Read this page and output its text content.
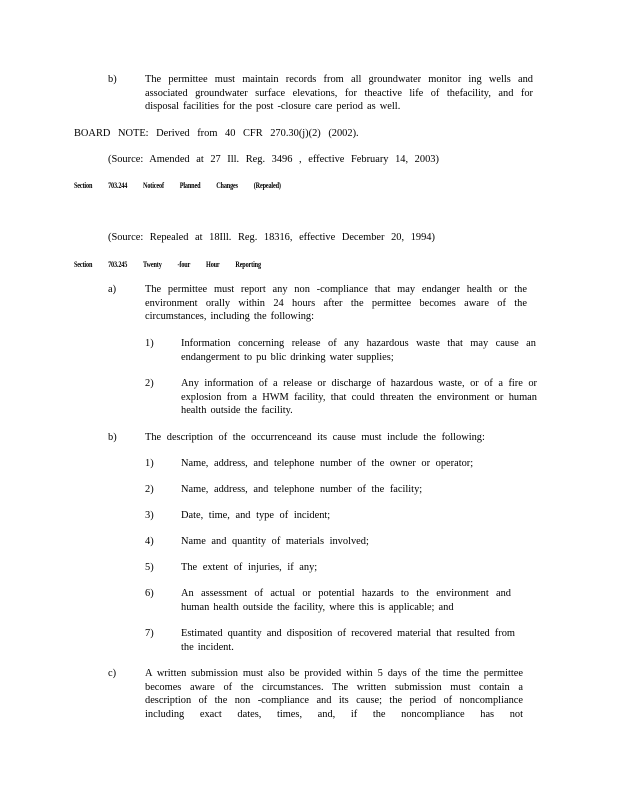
b)	The permittee must maintain records from all groundwater monitor ing wells and associated groundwater surface elevations, for theactive life of thefacility, and for disposal facilities for the post -closure care period as well.
BOARD NOTE: Derived from 40 CFR 270.30(j)(2) (2002).
(Source: Amended at 27 Ill. Reg. 3496 , effective February 14, 2003)
Section 703.244 Noticeof Planned Changes (Repealed)
(Source: Repealed at 18Ill. Reg. 18316, effective December 20, 1994)
Section 703.245 Twenty -four Hour Reporting
a)	The permittee must report any non -compliance that may endanger health or the environment orally within 24 hours after the permittee becomes aware of the circumstances, including the following:
1)	Information concerning release of any hazardous waste that may cause an endangerment to pu blic drinking water supplies;
2)	Any information of a release or discharge of hazardous waste, or of a fire or explosion from a HWM facility, that could threaten the environment or human health outside the facility.
b)	The description of the occurrenceand its cause must include the following:
1)	Name, address, and telephone number of the owner or operator;
2)	Name, address, and telephone number of the facility;
3)	Date, time, and type of incident;
4)	Name and quantity of materials involved;
5)	The extent of injuries, if any;
6)	An assessment of actual or potential hazards to the environment and human health outside the facility, where this is applicable; and
7)	Estimated quantity and disposition of recovered material that resulted from the incident.
c)	A written submission must also be provided within 5 days of the time the permittee becomes aware of the circumstances. The written submission must contain a description of the non -compliance and its cause; the period of noncompliance including exact dates, times, and, if the noncompliance has not
